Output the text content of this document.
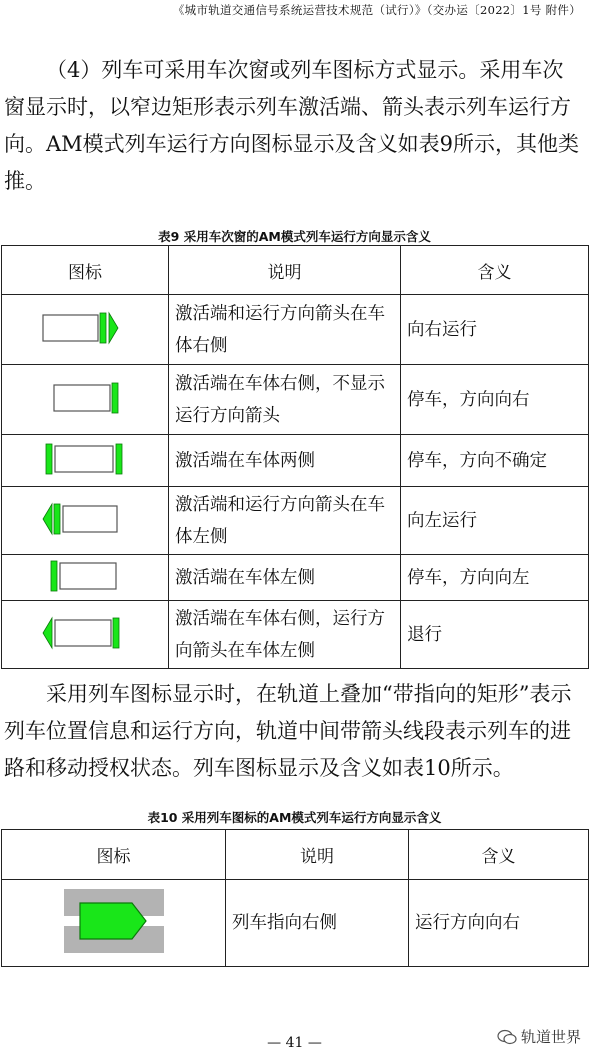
《城市轨道交通信号系统运营技术规范（试行）》（交办运〔2022〕1号 附件）

（4）列车可采用车次窗或列车图标方式显示。采用车次窗显示时，以窄边矩形表示列车激活端、箭头表示列车运行方向。AM模式列车运行方向图标显示及含义如表9所示，其他类推。

表9 采用车次窗的AM模式列车运行方向显示含义
图标	说明	含义
	激活端和运行方向箭头在车体右侧	向右运行
	激活端在车体右侧，不显示运行方向箭头	停车，方向向右
	激活端在车体两侧	停车，方向不确定
	激活端和运行方向箭头在车体左侧	向左运行
	激活端在车体左侧	停车，方向向左
	激活端在车体右侧，运行方向箭头在车体左侧	退行

采用列车图标显示时，在轨道上叠加“带指向的矩形”表示列车位置信息和运行方向，轨道中间带箭头线段表示列车的进路和移动授权状态。列车图标显示及含义如表10所示。

表10 采用列车图标的AM模式列车运行方向显示含义
图标	说明	含义
	列车指向右侧	运行方向向右
— 41 —	轨道世界
